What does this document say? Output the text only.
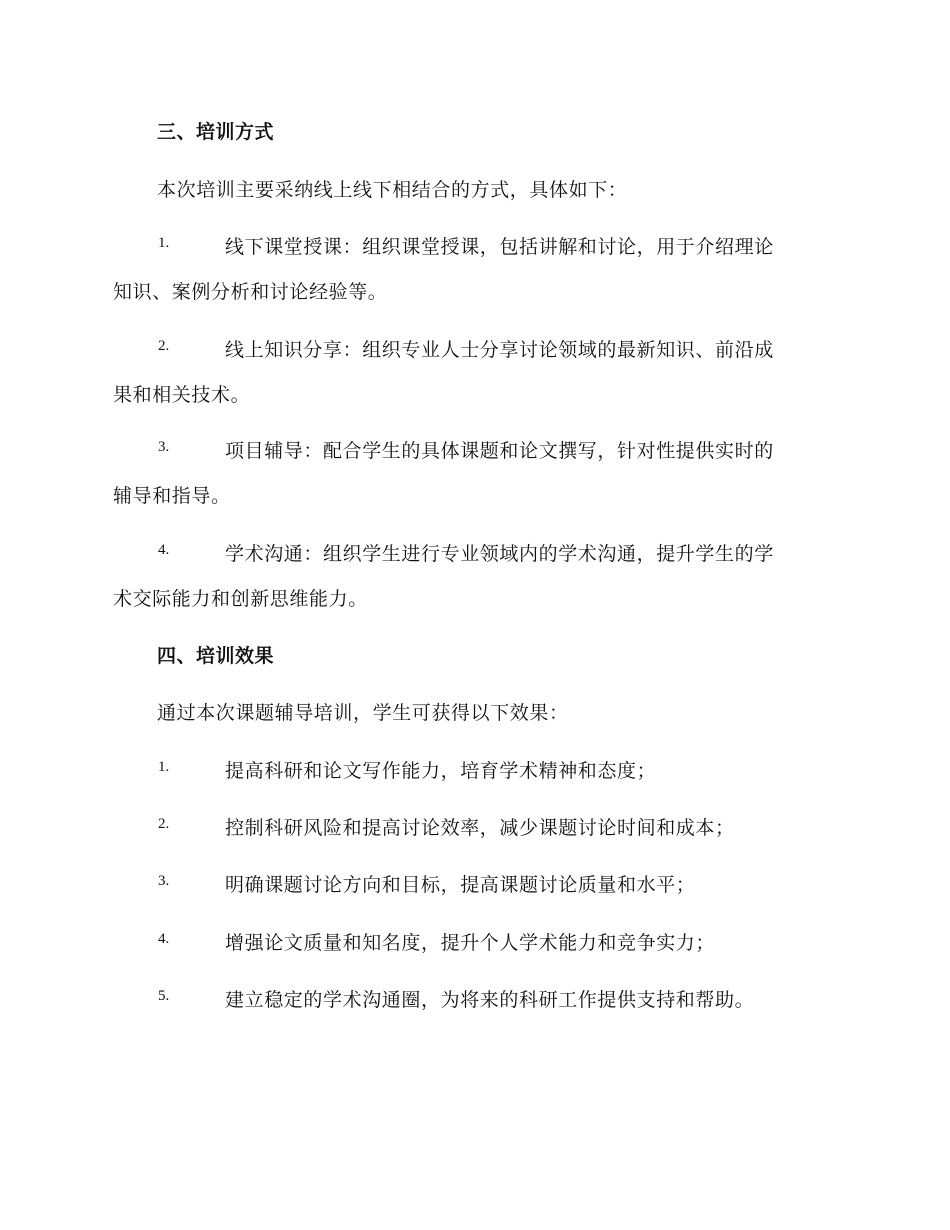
三、培训方式
本次培训主要采纳线上线下相结合的方式，具体如下：
1.	线下课堂授课：组织课堂授课，包括讲解和讨论，用于介绍理论
知识、案例分析和讨论经验等。
2.	线上知识分享：组织专业人士分享讨论领域的最新知识、前沿成
果和相关技术。
3.	项目辅导：配合学生的具体课题和论文撰写，针对性提供实时的
辅导和指导。
4.	学术沟通：组织学生进行专业领域内的学术沟通，提升学生的学
术交际能力和创新思维能力。
四、培训效果
通过本次课题辅导培训，学生可获得以下效果：
1.	提高科研和论文写作能力，培育学术精神和态度；
2.	控制科研风险和提高讨论效率，减少课题讨论时间和成本；
3.	明确课题讨论方向和目标，提高课题讨论质量和水平；
4.	增强论文质量和知名度，提升个人学术能力和竞争实力；
5.	建立稳定的学术沟通圈，为将来的科研工作提供支持和帮助。
